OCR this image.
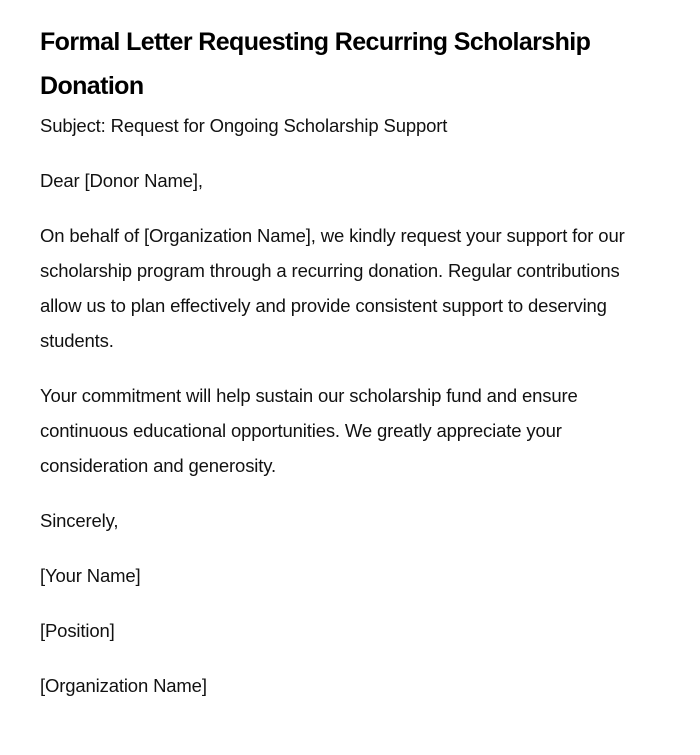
Formal Letter Requesting Recurring Scholarship Donation

Subject: Request for Ongoing Scholarship Support

Dear [Donor Name],

On behalf of [Organization Name], we kindly request your support for our scholarship program through a recurring donation. Regular contributions allow us to plan effectively and provide consistent support to deserving students.

Your commitment will help sustain our scholarship fund and ensure continuous educational opportunities. We greatly appreciate your consideration and generosity.

Sincerely,

[Your Name]

[Position]

[Organization Name]
